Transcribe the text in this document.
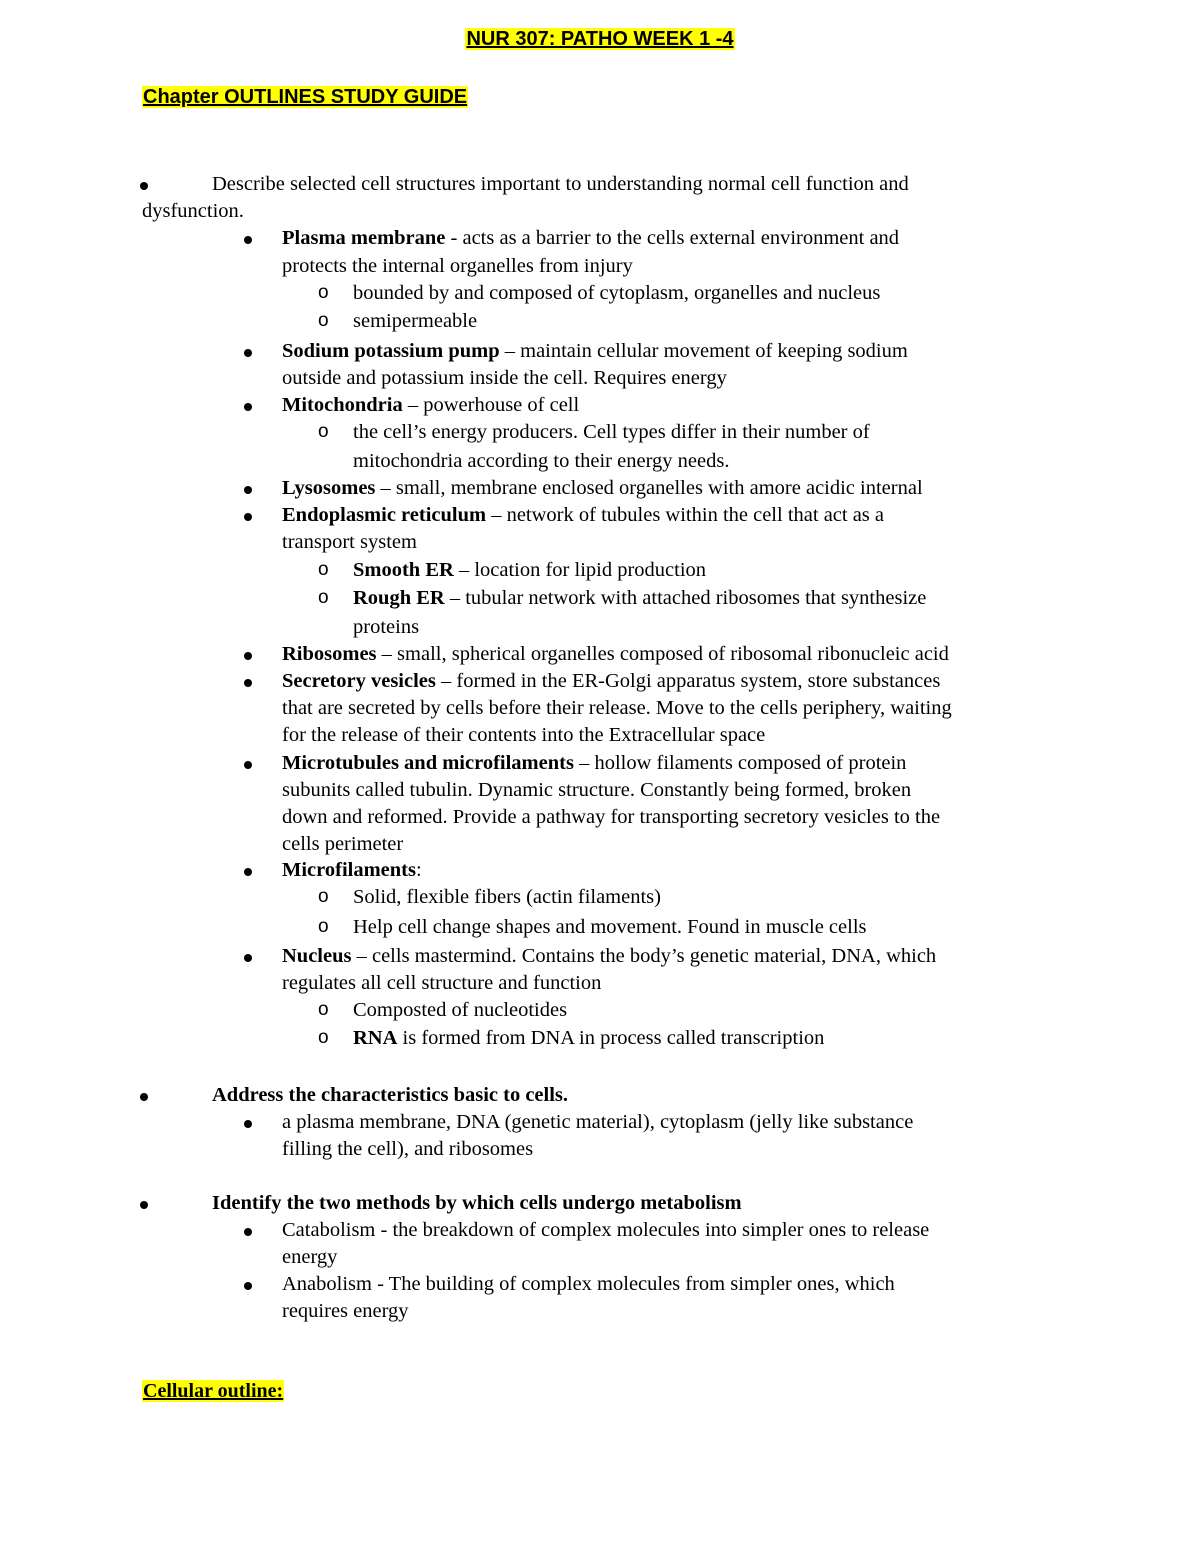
NUR 307: PATHO WEEK 1 -4
Chapter OUTLINES STUDY GUIDE
Describe selected cell structures important to understanding normal cell function and
dysfunction.
Plasma membrane - acts as a barrier to the cells external environment and
protects the internal organelles from injury
o bounded by and composed of cytoplasm, organelles and nucleus
o semipermeable
Sodium potassium pump – maintain cellular movement of keeping sodium
outside and potassium inside the cell. Requires energy
Mitochondria – powerhouse of cell
o the cell’s energy producers. Cell types differ in their number of
mitochondria according to their energy needs.
Lysosomes – small, membrane enclosed organelles with amore acidic internal
Endoplasmic reticulum – network of tubules within the cell that act as a
transport system
o Smooth ER – location for lipid production
o Rough ER – tubular network with attached ribosomes that synthesize
proteins
Ribosomes – small, spherical organelles composed of ribosomal ribonucleic acid
Secretory vesicles – formed in the ER-Golgi apparatus system, store substances
that are secreted by cells before their release. Move to the cells periphery, waiting
for the release of their contents into the Extracellular space
Microtubules and microfilaments – hollow filaments composed of protein
subunits called tubulin. Dynamic structure. Constantly being formed, broken
down and reformed. Provide a pathway for transporting secretory vesicles to the
cells perimeter
Microfilaments:
o Solid, flexible fibers (actin filaments)
o Help cell change shapes and movement. Found in muscle cells
Nucleus – cells mastermind. Contains the body’s genetic material, DNA, which
regulates all cell structure and function
o Composted of nucleotides
o RNA is formed from DNA in process called transcription
Address the characteristics basic to cells.
a plasma membrane, DNA (genetic material), cytoplasm (jelly like substance
filling the cell), and ribosomes
Identify the two methods by which cells undergo metabolism
Catabolism - the breakdown of complex molecules into simpler ones to release
energy
Anabolism - The building of complex molecules from simpler ones, which
requires energy
Cellular outline:
